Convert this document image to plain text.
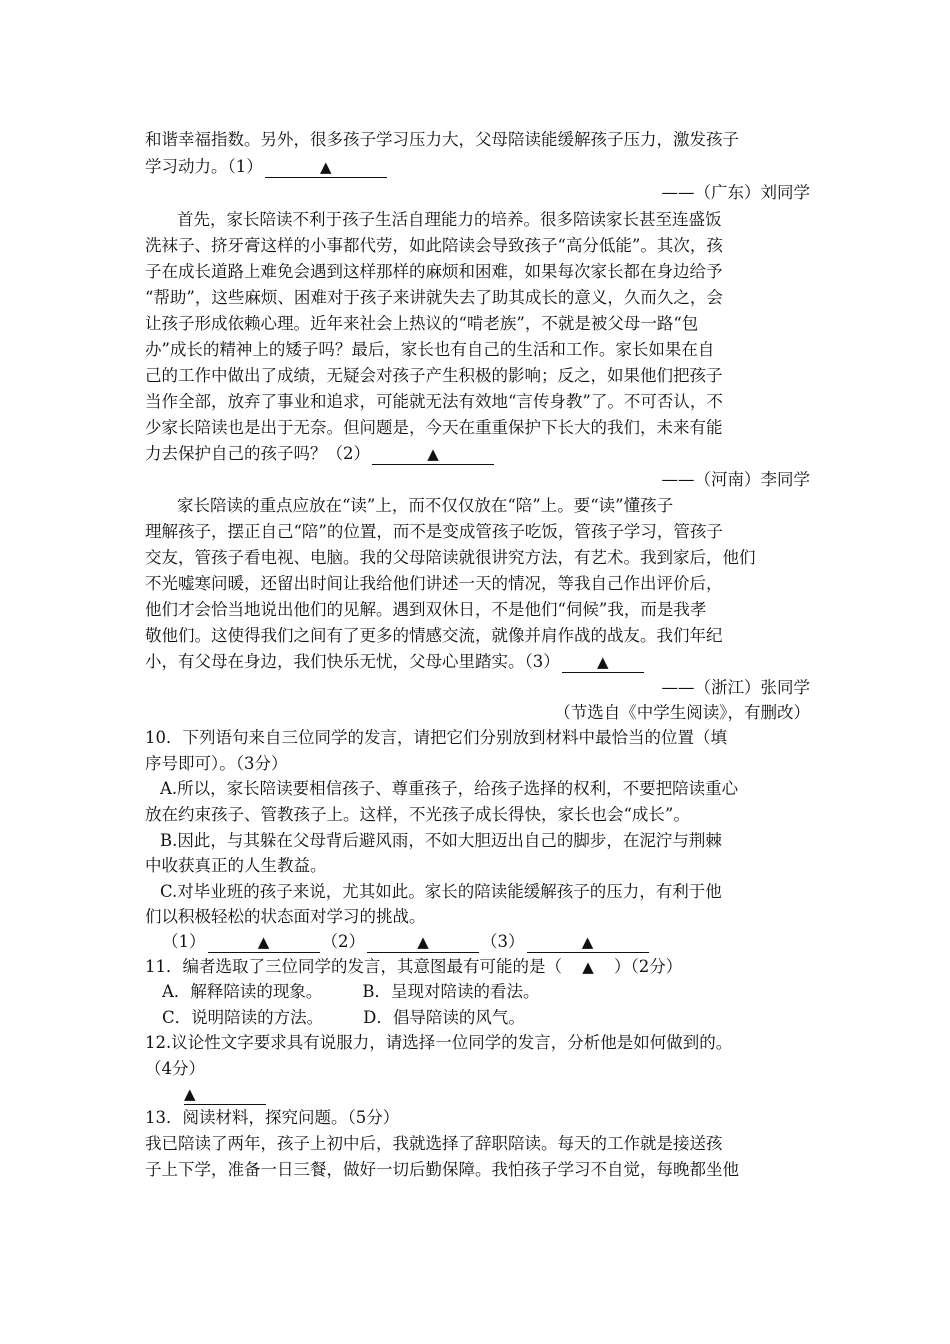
和谐幸福指数。另外，很多孩子学习压力大，父母陪读能缓解孩子压力，激发孩子
学习动力。（1）	▲
——（广东）刘同学
首先，家长陪读不利于孩子生活自理能力的培养。很多陪读家长甚至连盛饭
洗袜子、挤牙膏这样的小事都代劳，如此陪读会导致孩子“高分低能”。其次，孩
子在成长道路上难免会遇到这样那样的麻烦和困难，如果每次家长都在身边给予
“帮助”，这些麻烦、困难对于孩子来讲就失去了助其成长的意义，久而久之，会
让孩子形成依赖心理。近年来社会上热议的“啃老族”，不就是被父母一路“包
办”成长的精神上的矮子吗？最后，家长也有自己的生活和工作。家长如果在自
己的工作中做出了成绩，无疑会对孩子产生积极的影响；反之，如果他们把孩子
当作全部，放弃了事业和追求，可能就无法有效地“言传身教”了。不可否认，不
少家长陪读也是出于无奈。但问题是，今天在重重保护下长大的我们，未来有能
力去保护自己的孩子吗？（2）	▲
——（河南）李同学
家长陪读的重点应放在“读”上，而不仅仅放在“陪”上。要“读”懂孩子
理解孩子，摆正自己“陪”的位置，而不是变成管孩子吃饭，管孩子学习，管孩子
交友，管孩子看电视、电脑。我的父母陪读就很讲究方法，有艺术。我到家后，他们
不光嘘寒问暖，还留出时间让我给他们讲述一天的情况，等我自己作出评价后，
他们才会恰当地说出他们的见解。遇到双休日，不是他们“伺候”我，而是我孝
敬他们。这使得我们之间有了更多的情感交流，就像并肩作战的战友。我们年纪
小，有父母在身边，我们快乐无忧，父母心里踏实。（3） ▲
——（浙江）张同学
（节选自《中学生阅读》，有删改）
10．下列语句来自三位同学的发言，请把它们分别放到材料中最恰当的位置（填
序号即可）。（3分）
A.所以，家长陪读要相信孩子、尊重孩子，给孩子选择的权利，不要把陪读重心
放在约束孩子、管教孩子上。这样，不光孩子成长得快，家长也会“成长”。
B.因此，与其躲在父母背后避风雨，不如大胆迈出自己的脚步，在泥泞与荆棘
中收获真正的人生教益。
C.对毕业班的孩子来说，尤其如此。家长的陪读能缓解孩子的压力，有利于他
们以积极轻松的状态面对学习的挑战。
（1）	▲	（2）	▲	（3）	▲
11．编者选取了三位同学的发言，其意图最有可能的是（ ▲ ）（2分）
A．解释陪读的现象。 B．呈现对陪读的看法。
C．说明陪读的方法。 D．倡导陪读的风气。
12.议论性文字要求具有说服力，请选择一位同学的发言，分析他是如何做到的。
（4分）
▲
13．阅读材料，探究问题。（5分）
我已陪读了两年，孩子上初中后，我就选择了辞职陪读。每天的工作就是接送孩
子上下学，准备一日三餐，做好一切后勤保障。我怕孩子学习不自觉，每晚都坐他
